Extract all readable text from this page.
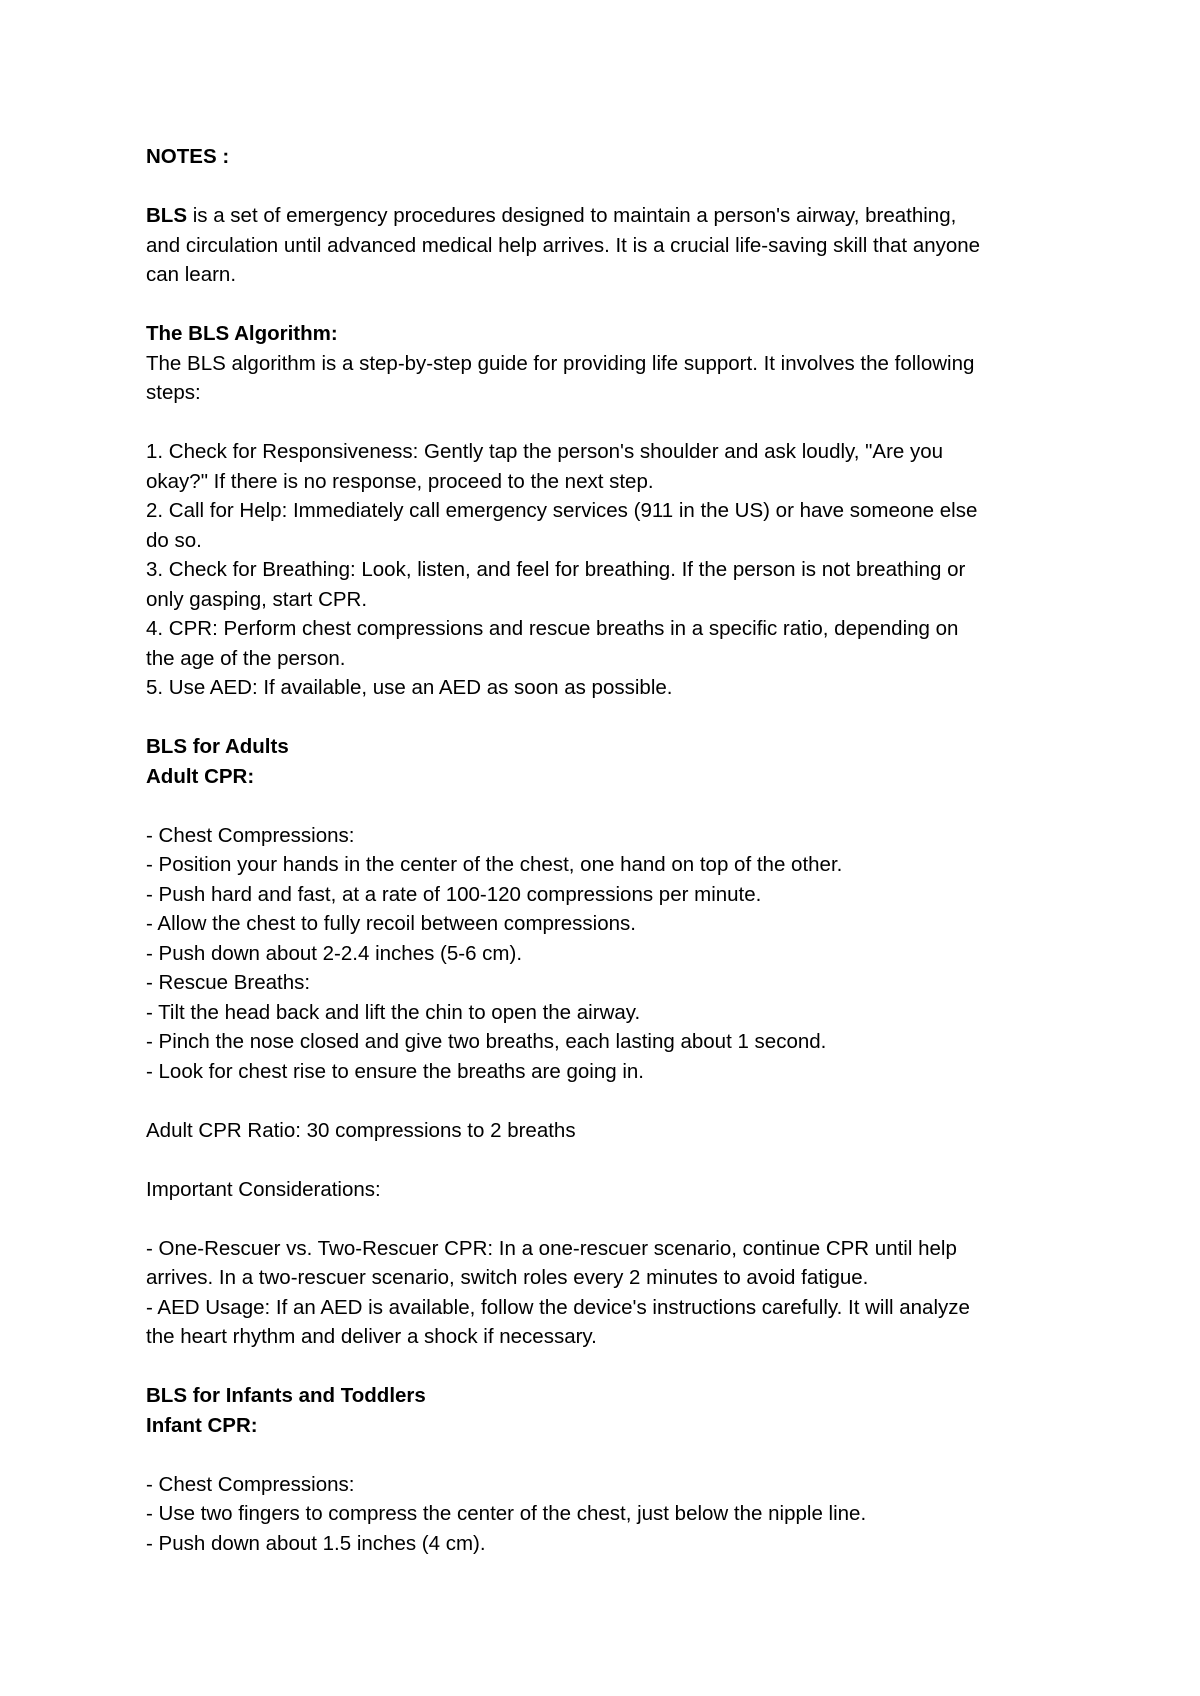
NOTES :
BLS is a set of emergency procedures designed to maintain a person's airway, breathing,
and circulation until advanced medical help arrives. It is a crucial life-saving skill that anyone
can learn.
The BLS Algorithm:
The BLS algorithm is a step-by-step guide for providing life support. It involves the following
steps:
1. Check for Responsiveness: Gently tap the person's shoulder and ask loudly, "Are you
okay?" If there is no response, proceed to the next step.
2. Call for Help: Immediately call emergency services (911 in the US) or have someone else
do so.
3. Check for Breathing: Look, listen, and feel for breathing. If the person is not breathing or
only gasping, start CPR.
4. CPR: Perform chest compressions and rescue breaths in a specific ratio, depending on
the age of the person.
5. Use AED: If available, use an AED as soon as possible.
BLS for Adults
Adult CPR:
- Chest Compressions:
- Position your hands in the center of the chest, one hand on top of the other.
- Push hard and fast, at a rate of 100-120 compressions per minute.
- Allow the chest to fully recoil between compressions.
- Push down about 2-2.4 inches (5-6 cm).
- Rescue Breaths:
- Tilt the head back and lift the chin to open the airway.
- Pinch the nose closed and give two breaths, each lasting about 1 second.
- Look for chest rise to ensure the breaths are going in.
Adult CPR Ratio: 30 compressions to 2 breaths
Important Considerations:
- One-Rescuer vs. Two-Rescuer CPR: In a one-rescuer scenario, continue CPR until help
arrives. In a two-rescuer scenario, switch roles every 2 minutes to avoid fatigue.
- AED Usage: If an AED is available, follow the device's instructions carefully. It will analyze
the heart rhythm and deliver a shock if necessary.
BLS for Infants and Toddlers
Infant CPR:
- Chest Compressions:
- Use two fingers to compress the center of the chest, just below the nipple line.
- Push down about 1.5 inches (4 cm).
